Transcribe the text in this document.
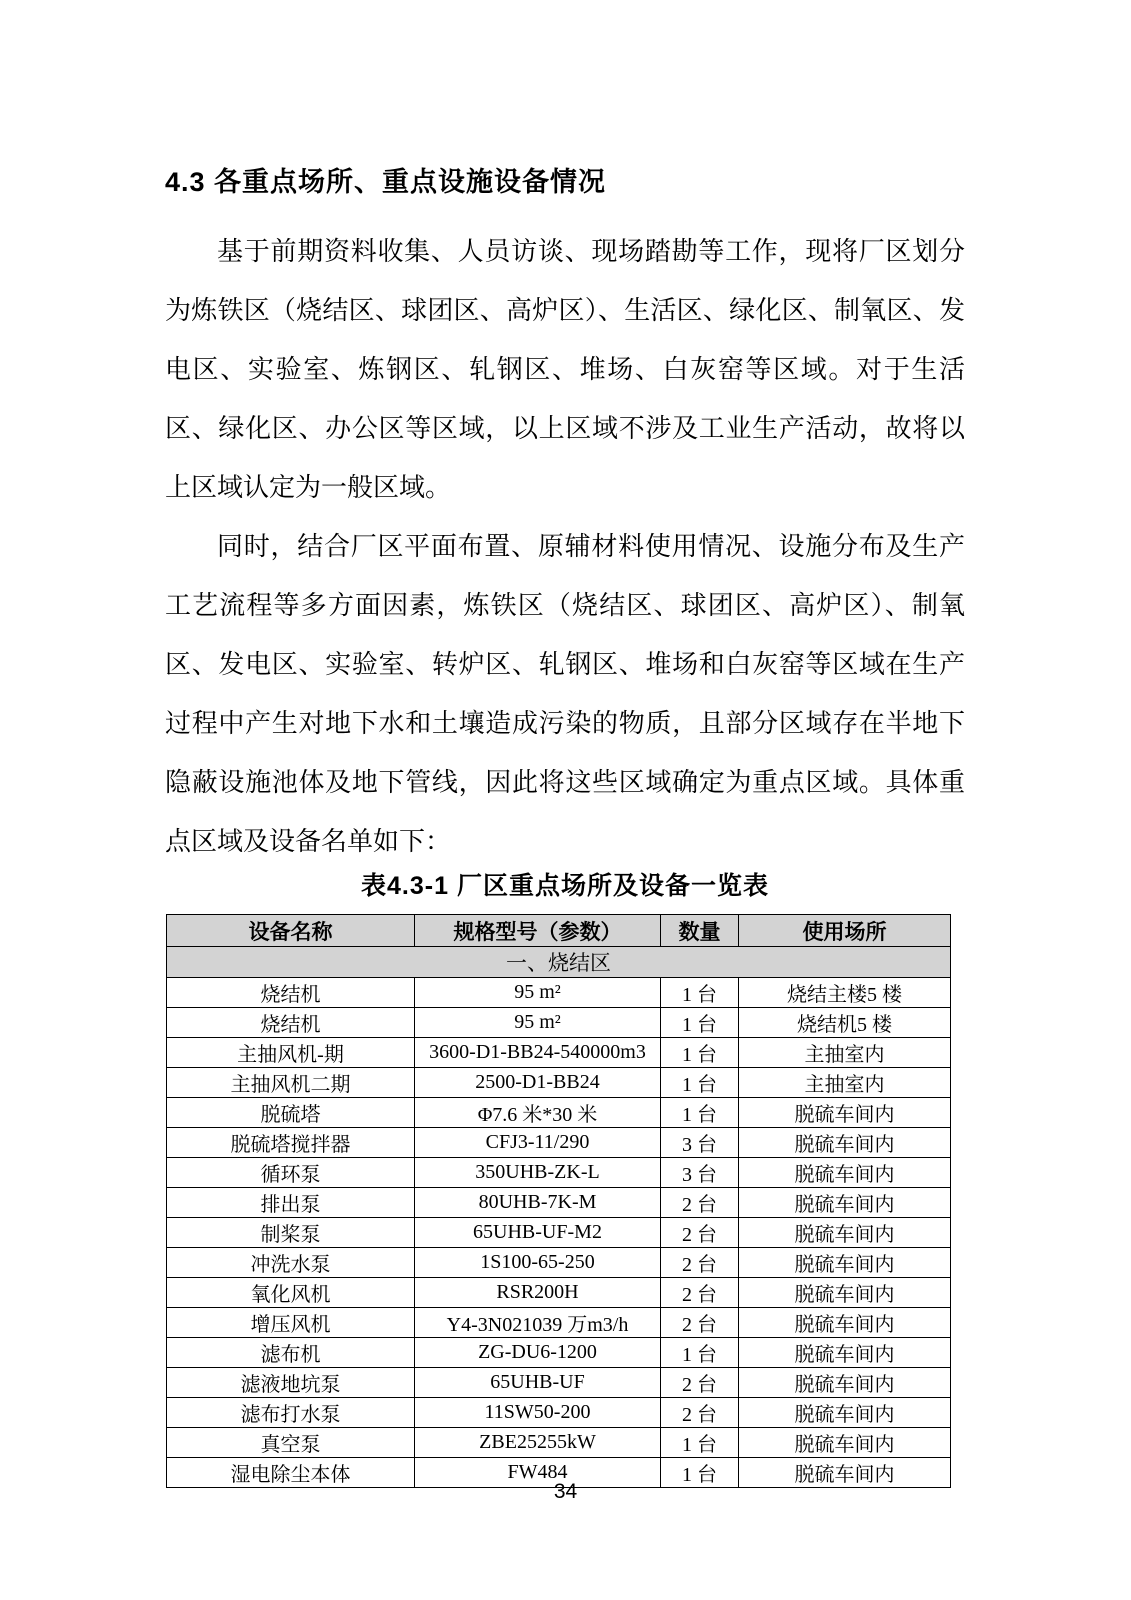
4.3 各重点场所、重点设施设备情况

基于前期资料收集、人员访谈、现场踏勘等工作，现将厂区划分为炼铁区（烧结区、球团区、高炉区）、生活区、绿化区、制氧区、发电区、实验室、炼钢区、轧钢区、堆场、白灰窑等区域。对于生活区、绿化区、办公区等区域，以上区域不涉及工业生产活动，故将以上区域认定为一般区域。

同时，结合厂区平面布置、原辅材料使用情况、设施分布及生产工艺流程等多方面因素，炼铁区（烧结区、球团区、高炉区）、制氧区、发电区、实验室、转炉区、轧钢区、堆场和白灰窑等区域在生产过程中产生对地下水和土壤造成污染的物质，且部分区域存在半地下隐蔽设施池体及地下管线，因此将这些区域确定为重点区域。具体重点区域及设备名单如下：

表4.3-1 厂区重点场所及设备一览表
设备名称	规格型号（参数）	数量	使用场所
一、烧结区			
烧结机	95 m²	1 台	烧结主楼5 楼
烧结机	95 m²	1 台	烧结机5 楼
主抽风机-期	3600-D1-BB24-540000m3	1 台	主抽室内
主抽风机二期	2500-D1-BB24	1 台	主抽室内
脱硫塔	Φ7.6 米*30 米	1 台	脱硫车间内
脱硫塔搅拌器	CFJ3-11/290	3 台	脱硫车间内
循环泵	350UHB-ZK-L	3 台	脱硫车间内
排出泵	80UHB-7K-M	2 台	脱硫车间内
制桨泵	65UHB-UF-M2	2 台	脱硫车间内
冲洗水泵	1S100-65-250	2 台	脱硫车间内
氧化风机	RSR200H	2 台	脱硫车间内
增压风机	Y4-3N021039 万m3/h	2 台	脱硫车间内
滤布机	ZG-DU6-1200	1 台	脱硫车间内
滤液地坑泵	65UHB-UF	2 台	脱硫车间内
滤布打水泵	11SW50-200	2 台	脱硫车间内
真空泵	ZBE25255kW	1 台	脱硫车间内
湿电除尘本体	FW484	1 台	脱硫车间内
34
